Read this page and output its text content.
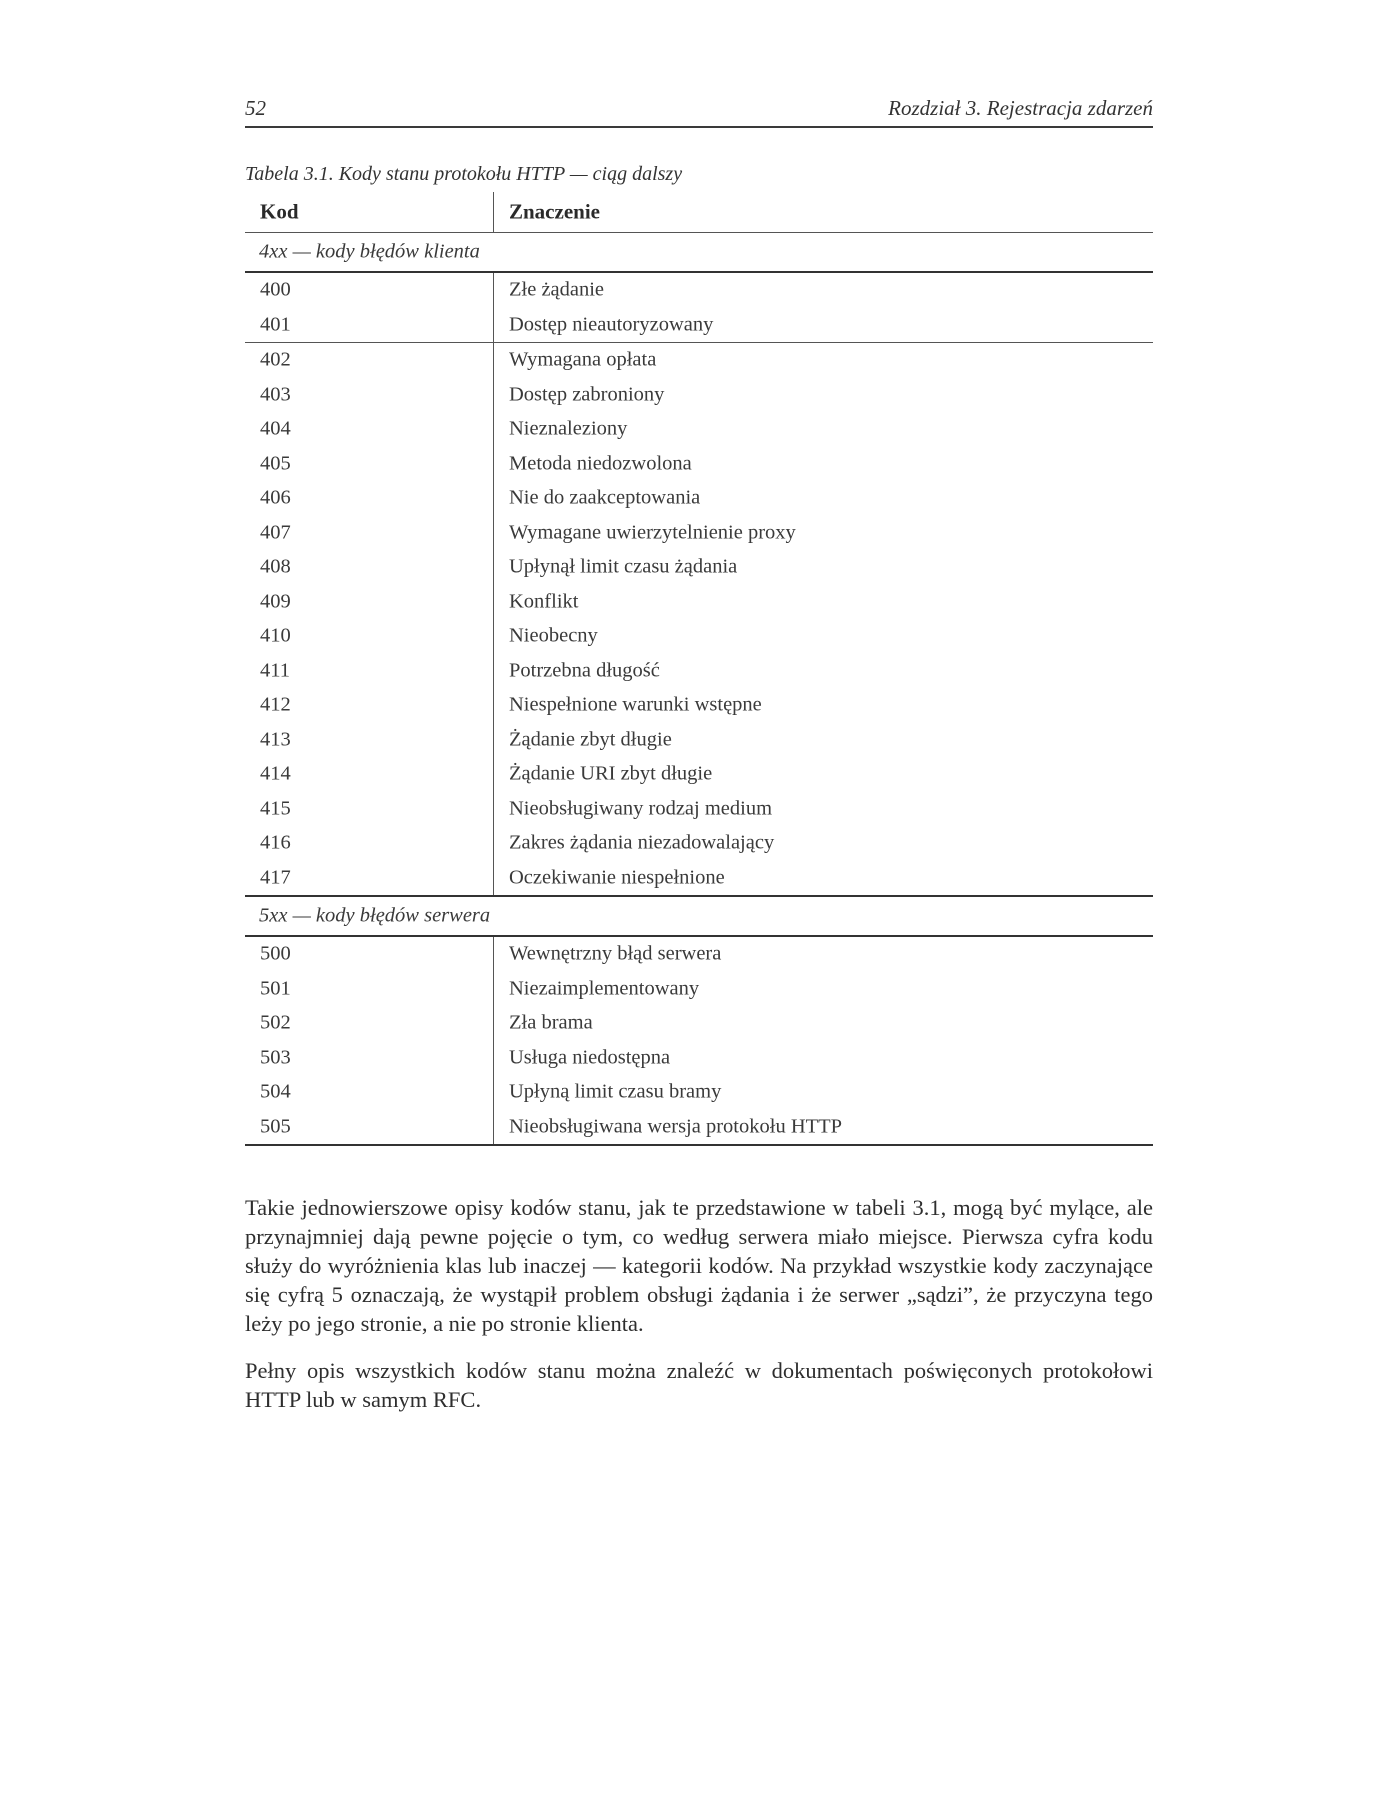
52	Rozdział 3. Rejestracja zdarzeń
Tabela 3.1. Kody stanu protokołu HTTP — ciąg dalszy
Kod	Znaczenie
4xx — kody błędów klienta
400	Złe żądanie
401	Dostęp nieautoryzowany
402	Wymagana opłata
403	Dostęp zabroniony
404	Nieznaleziony
405	Metoda niedozwolona
406	Nie do zaakceptowania
407	Wymagane uwierzytelnienie proxy
408	Upłynął limit czasu żądania
409	Konflikt
410	Nieobecny
411	Potrzebna długość
412	Niespełnione warunki wstępne
413	Żądanie zbyt długie
414	Żądanie URI zbyt długie
415	Nieobsługiwany rodzaj medium
416	Zakres żądania niezadowalający
417	Oczekiwanie niespełnione
5xx — kody błędów serwera
500	Wewnętrzny błąd serwera
501	Niezaimplementowany
502	Zła brama
503	Usługa niedostępna
504	Upłyną limit czasu bramy
505	Nieobsługiwana wersja protokołu HTTP

Takie jednowierszowe opisy kodów stanu, jak te przedstawione w tabeli 3.1, mogą być mylące, ale przynajmniej dają pewne pojęcie o tym, co według serwera miało miejsce. Pierwsza cyfra kodu służy do wyróżnienia klas lub inaczej — kategorii kodów. Na przykład wszystkie kody zaczynające się cyfrą 5 oznaczają, że wystąpił problem obsługi żądania i że serwer „sądzi”, że przyczyna tego leży po jego stronie, a nie po stronie klienta.

Pełny opis wszystkich kodów stanu można znaleźć w dokumentach poświęconych protokołowi HTTP lub w samym RFC.
